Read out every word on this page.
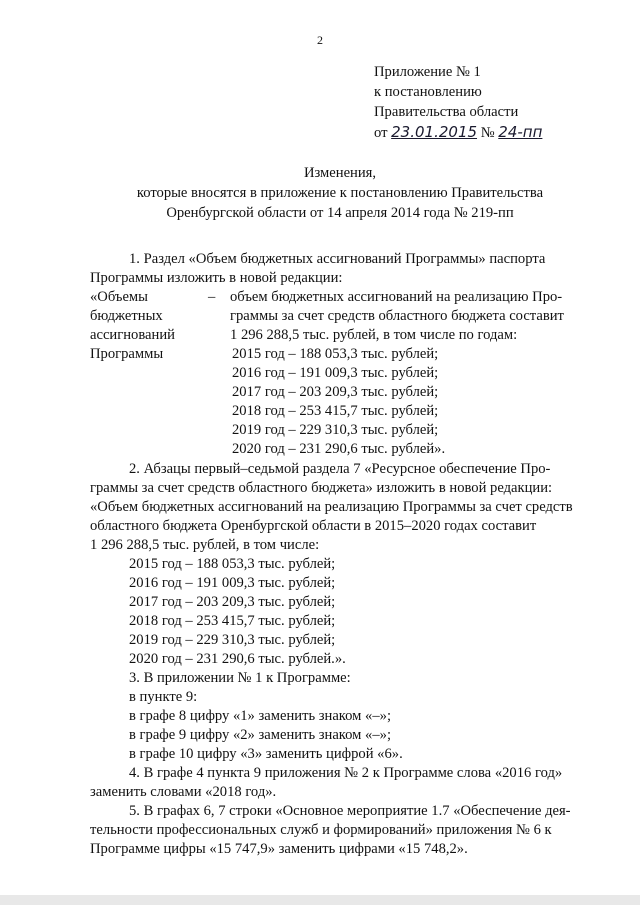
2
Приложение № 1
к постановлению
Правительства области
от 23.01.2015 № 24-пп
Изменения,
которые вносятся в приложение к постановлению Правительства
Оренбургской области от 14 апреля 2014 года № 219-пп
1. Раздел «Объем бюджетных ассигнований Программы» паспорта
Программы изложить в новой редакции:
«Объемы
бюджетных
ассигнований
Программы
– объем бюджетных ассигнований на реализацию Про-
граммы за счет средств областного бюджета составит
1 296 288,5 тыс. рублей, в том числе по годам:
2015 год – 188 053,3 тыс. рублей;
2016 год – 191 009,3 тыс. рублей;
2017 год – 203 209,3 тыс. рублей;
2018 год – 253 415,7 тыс. рублей;
2019 год – 229 310,3 тыс. рублей;
2020 год – 231 290,6 тыс. рублей».
2. Абзацы первый–седьмой раздела 7 «Ресурсное обеспечение Про-
граммы за счет средств областного бюджета» изложить в новой редакции:
«Объем бюджетных ассигнований на реализацию Программы за счет средств
областного бюджета Оренбургской области в 2015–2020 годах составит
1 296 288,5 тыс. рублей, в том числе:
2015 год – 188 053,3 тыс. рублей;
2016 год – 191 009,3 тыс. рублей;
2017 год – 203 209,3 тыс. рублей;
2018 год – 253 415,7 тыс. рублей;
2019 год – 229 310,3 тыс. рублей;
2020 год – 231 290,6 тыс. рублей.».
3. В приложении № 1 к Программе:
в пункте 9:
в графе 8 цифру «1» заменить знаком «–»;
в графе 9 цифру «2» заменить знаком «–»;
в графе 10 цифру «3» заменить цифрой «6».
4. В графе 4 пункта 9 приложения № 2 к Программе слова «2016 год»
заменить словами «2018 год».
5. В графах 6, 7 строки «Основное мероприятие 1.7 «Обеспечение дея-
тельности профессиональных служб и формирований» приложения № 6 к
Программе цифры «15 747,9» заменить цифрами «15 748,2».
